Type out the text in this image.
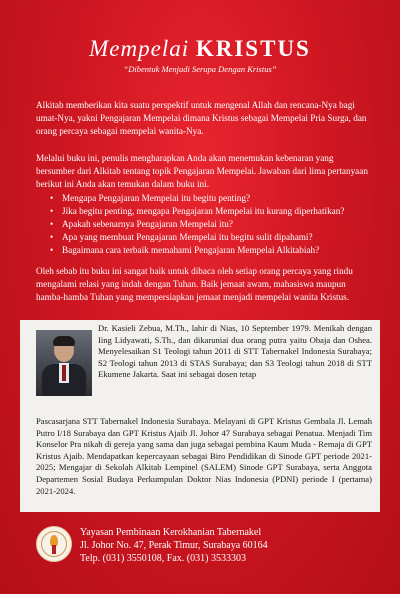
Mempelai KRISTUS
“Dibentuk Menjadi Serupa Dengan Kristus”

Alkitab memberikan kita suatu perspektif untuk mengenal Allah dan rencana-Nya bagi umat-Nya, yakni Pengajaran Mempelai dimana Kristus sebagai Mempelai Pria Surga, dan orang percaya sebagai mempelai wanita-Nya.

Melalui buku ini, penulis mengharapkan Anda akan menemukan kebenaran yang bersumber dari Alkitab tentang topik Pengajaran Mempelai. Jawaban dari lima pertanyaan berikut ini Anda akan temukan dalam buku ini.

• Mengapa Pengajaran Mempelai itu begitu penting?
• Jika begitu penting, mengapa Pengajaran Mempelai itu kurang diperhatikan?
• Apakah sebenarnya Pengajaran Mempelai itu?
• Apa yang membuat Pengajaran Mempelai itu begitu sulit dipahami?
• Bagaimana cara terbaik memahami Pengajaran Mempelai Alkitabiah?

Oleh sebab itu buku ini sangat baik untuk dibaca oleh setiap orang percaya yang rindu mengalami relasi yang indah dengan Tuhan. Baik jemaat awam, mahasiswa maupun hamba-hamba Tuhan yang mempersiapkan jemaat menjadi mempelai wanita Kristus.

Dr. Kasieli Zebua, M.Th., lahir di Nias, 10 September 1979. Menikah dengan Iing Lidyawati, S.Th., dan dikaruniai dua orang putra yaitu Obaja dan Oshea. Menyelesaikan S1 Teologi tahun 2011 di STT Tabernakel Indonesia Surabaya; S2 Teologi tahun 2013 di STAS Surabaya; dan S3 Teologi tahun 2018 di STT Ekumene Jakarta. Saat ini sebagai dosen tetap

Pascasarjana STT Tabernakel Indonesia Surabaya. Melayani di GPT Kristus Gembala Jl. Lemah Putro I/18 Surabaya dan GPT Kristus Ajaib Jl. Johor 47 Surabaya sebagai Penatua. Menjadi Tim Konselor Pra nikah di gereja yang sama dan juga sebagai pembina Kaum Muda - Remaja di GPT Kristus Ajaib. Mendapatkan kepercayaan sebagai Biro Pendidikan di Sinode GPT periode 2021-2025; Mengajar di Sekolah Alkitab Lempinel (SALEM) Sinode GPT Surabaya, serta Anggota Departemen Sosial Budaya Perkumpulan Doktor Nias Indonesia (PDNI) periode I (pertama) 2021-2024.

Yayasan Pembinaan Kerokhanian Tabernakel
Jl. Johor No. 47, Perak Timur, Surabaya 60164
Telp. (031) 3550108, Fax. (031) 3533303
